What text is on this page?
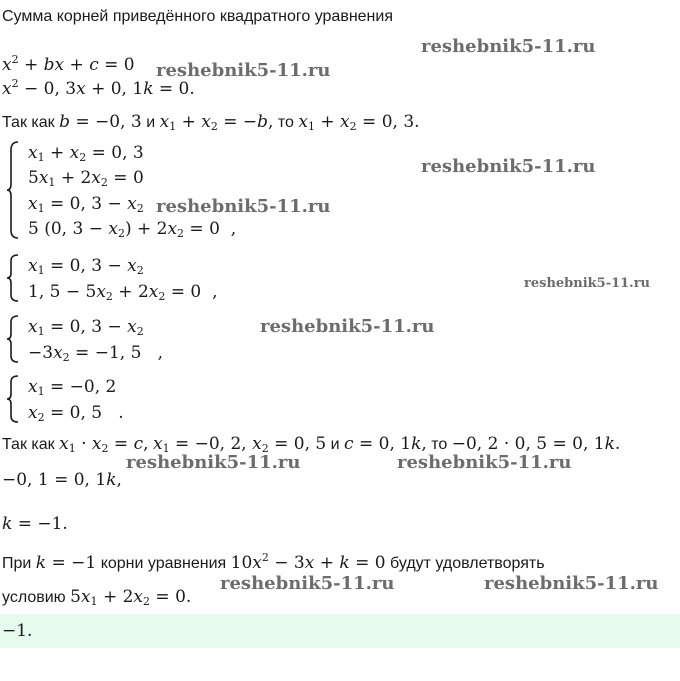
Сумма корней приведённого квадратного уравнения
$x^2$ + bx + c = 0
$x^2 - 0$, 3x + 0, 1k = 0.
Так как b = −0, 3 и $x_1 + x_2 = -b$, то $x_1 + x_2 = 0$, 3.
$x_1 + x_2 = 0$, 3
$5x_1 + 2x_2 = 0$
$x_1 = 0$, $3 - x_2$
5 (0, $3 - x_2) + 2x_2 = 0$  ,
$x_1 = 0$, $3 - x_2$
1, $5 - 5x_2 + 2x_2 = 0$  ,
$x_1 = 0$, $3 - x_2$
$-3x_2 = -1$, 5   ,
$x_1 = -0$, 2
$x_2 = 0$, 5   .
Так как $x_1 \cdot x_2 = c$, $x_1 = -0$, 2, $x_2 = 0$, 5 и c = 0, 1k, то −0, 2 · 0, 5 = 0, 1k.
−0, 1 = 0, 1k,
k = −1.
При k = −1 корни уравнения $10x^2 - 3x + k = 0$ будут удовлетворять
условию $5x_1 + 2x_2 = 0$.
−1.
reshebnik5-11.ru
reshebnik5-11.ru
reshebnik5-11.ru
reshebnik5-11.ru
reshebnik5-11.ru
reshebnik5-11.ru
reshebnik5-11.ru	reshebnik5-11.ru
reshebnik5-11.ru	reshebnik5-11.ru
